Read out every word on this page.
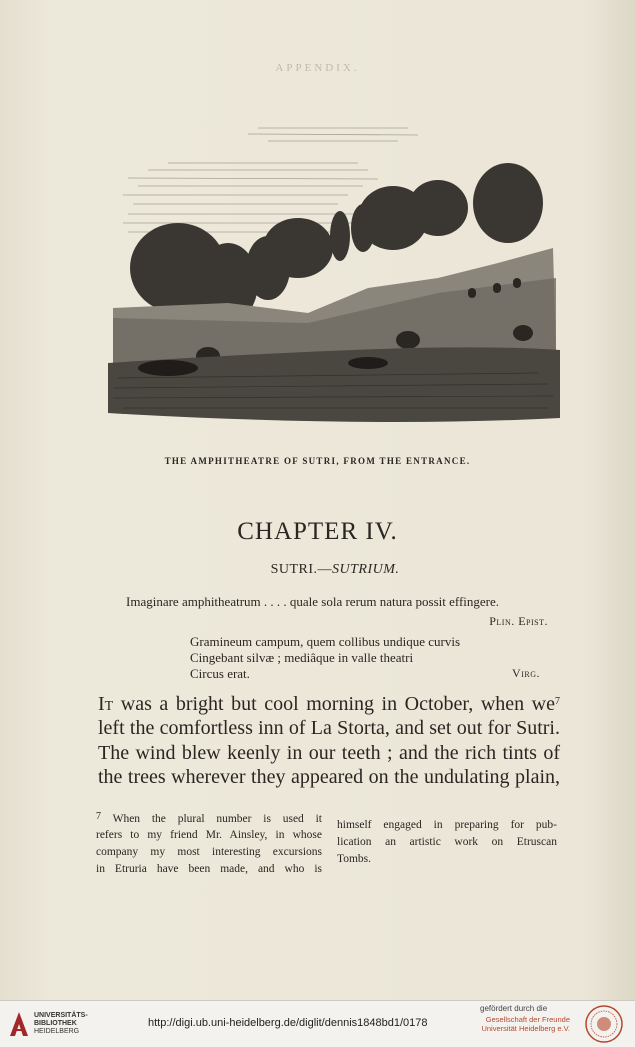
APPENDIX.
THE AMPHITHEATRE OF SUTRI, FROM THE ENTRANCE.
CHAPTER IV.
SUTRI.—SUTRIUM.
Imaginare amphitheatrum . . . . quale sola rerum natura possit effingere.
Plin. Epist.
Gramineum campum, quem collibus undique curvis
Cingebant silvæ ; mediâque in valle theatri
Circus erat.	Virg.
It was a bright but cool morning in October, when $we^7$
left the comfortless inn of La Storta, and set out for Sutri.
The wind blew keenly in our teeth ; and the rich tints of
the trees wherever they appeared on the undulating plain,
$^7$ When the plural number is used it
refers to my friend Mr. Ainsley, in whose
company my most interesting excursions
in Etruria have been made, and who is
himself engaged in preparing for pub-
lication an artistic work on Etruscan
Tombs.
UNIVERSITÄTS-
BIBLIOTHEK
HEIDELBERG
http://digi.ub.uni-heidelberg.de/diglit/dennis1848bd1/0178
gefördert durch die
Gesellschaft der Freunde
Universität Heidelberg e.V.
